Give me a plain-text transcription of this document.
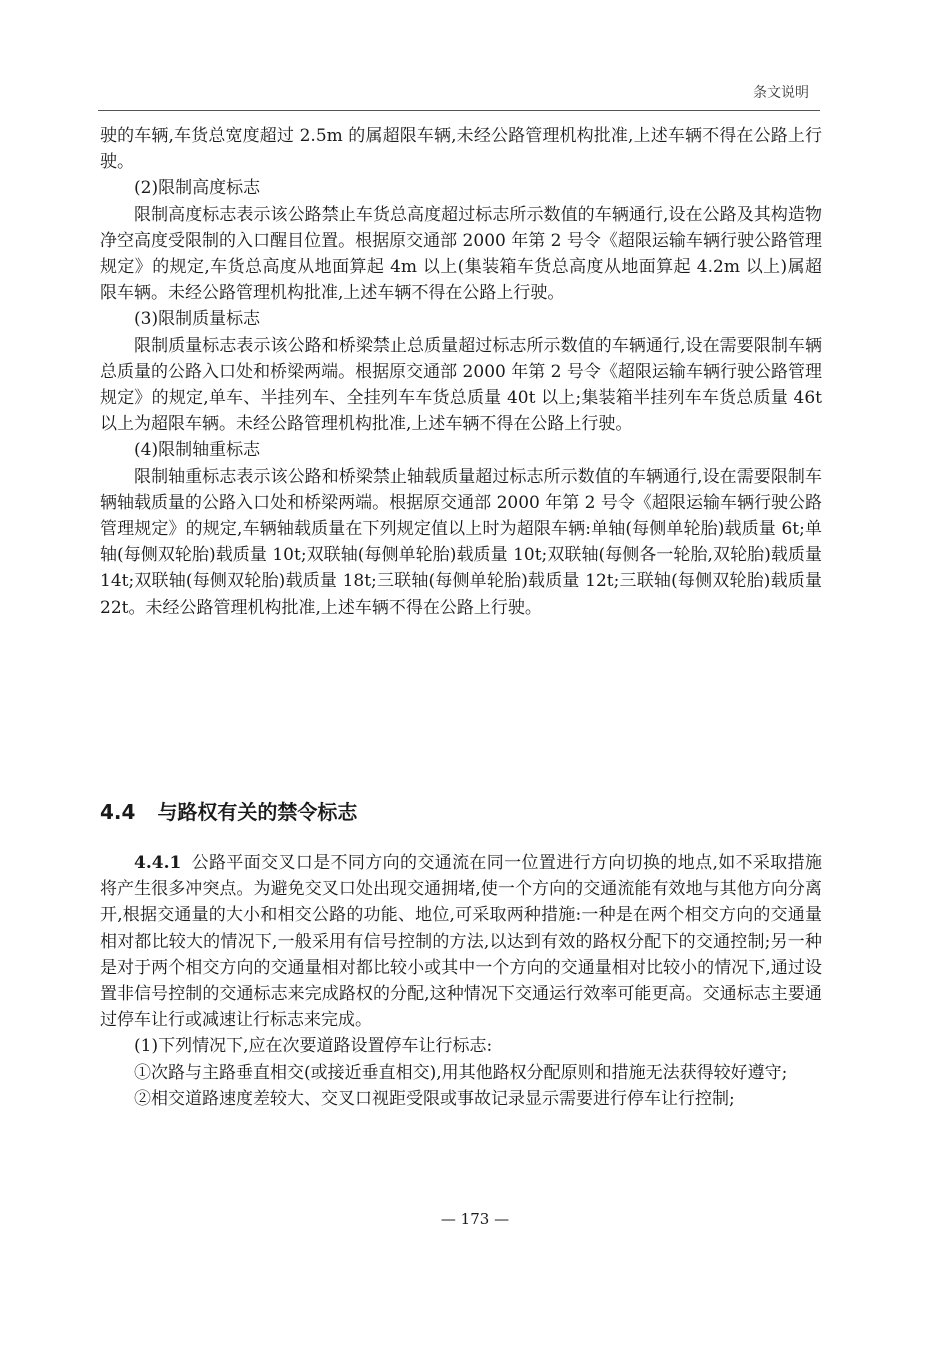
条文说明

驶的车辆,车货总宽度超过 2.5m 的属超限车辆,未经公路管理机构批准,上述车辆不得在公路上行驶。

(2)限制高度标志

限制高度标志表示该公路禁止车货总高度超过标志所示数值的车辆通行,设在公路及其构造物净空高度受限制的入口醒目位置。根据原交通部 2000 年第 2 号令《超限运输车辆行驶公路管理规定》的规定,车货总高度从地面算起 4m 以上(集装箱车货总高度从地面算起 4.2m 以上)属超限车辆。未经公路管理机构批准,上述车辆不得在公路上行驶。

(3)限制质量标志

限制质量标志表示该公路和桥梁禁止总质量超过标志所示数值的车辆通行,设在需要限制车辆总质量的公路入口处和桥梁两端。根据原交通部 2000 年第 2 号令《超限运输车辆行驶公路管理规定》的规定,单车、半挂列车、全挂列车车货总质量 40t 以上;集装箱半挂列车车货总质量 46t 以上为超限车辆。未经公路管理机构批准,上述车辆不得在公路上行驶。

(4)限制轴重标志

限制轴重标志表示该公路和桥梁禁止轴载质量超过标志所示数值的车辆通行,设在需要限制车辆轴载质量的公路入口处和桥梁两端。根据原交通部 2000 年第 2 号令《超限运输车辆行驶公路管理规定》的规定,车辆轴载质量在下列规定值以上时为超限车辆:单轴(每侧单轮胎)载质量 6t;单轴(每侧双轮胎)载质量 10t;双联轴(每侧单轮胎)载质量 10t;双联轴(每侧各一轮胎,双轮胎)载质量 14t;双联轴(每侧双轮胎)载质量 18t;三联轴(每侧单轮胎)载质量 12t;三联轴(每侧双轮胎)载质量 22t。未经公路管理机构批准,上述车辆不得在公路上行驶。

4.4 与路权有关的禁令标志

4.4.1 公路平面交叉口是不同方向的交通流在同一位置进行方向切换的地点,如不采取措施将产生很多冲突点。为避免交叉口处出现交通拥堵,使一个方向的交通流能有效地与其他方向分离开,根据交通量的大小和相交公路的功能、地位,可采取两种措施:一种是在两个相交方向的交通量相对都比较大的情况下,一般采用有信号控制的方法,以达到有效的路权分配下的交通控制;另一种是对于两个相交方向的交通量相对都比较小或其中一个方向的交通量相对比较小的情况下,通过设置非信号控制的交通标志来完成路权的分配,这种情况下交通运行效率可能更高。交通标志主要通过停车让行或减速让行标志来完成。

(1)下列情况下,应在次要道路设置停车让行标志:

①次路与主路垂直相交(或接近垂直相交),用其他路权分配原则和措施无法获得较好遵守;

②相交道路速度差较大、交叉口视距受限或事故记录显示需要进行停车让行控制;

— 173 —
